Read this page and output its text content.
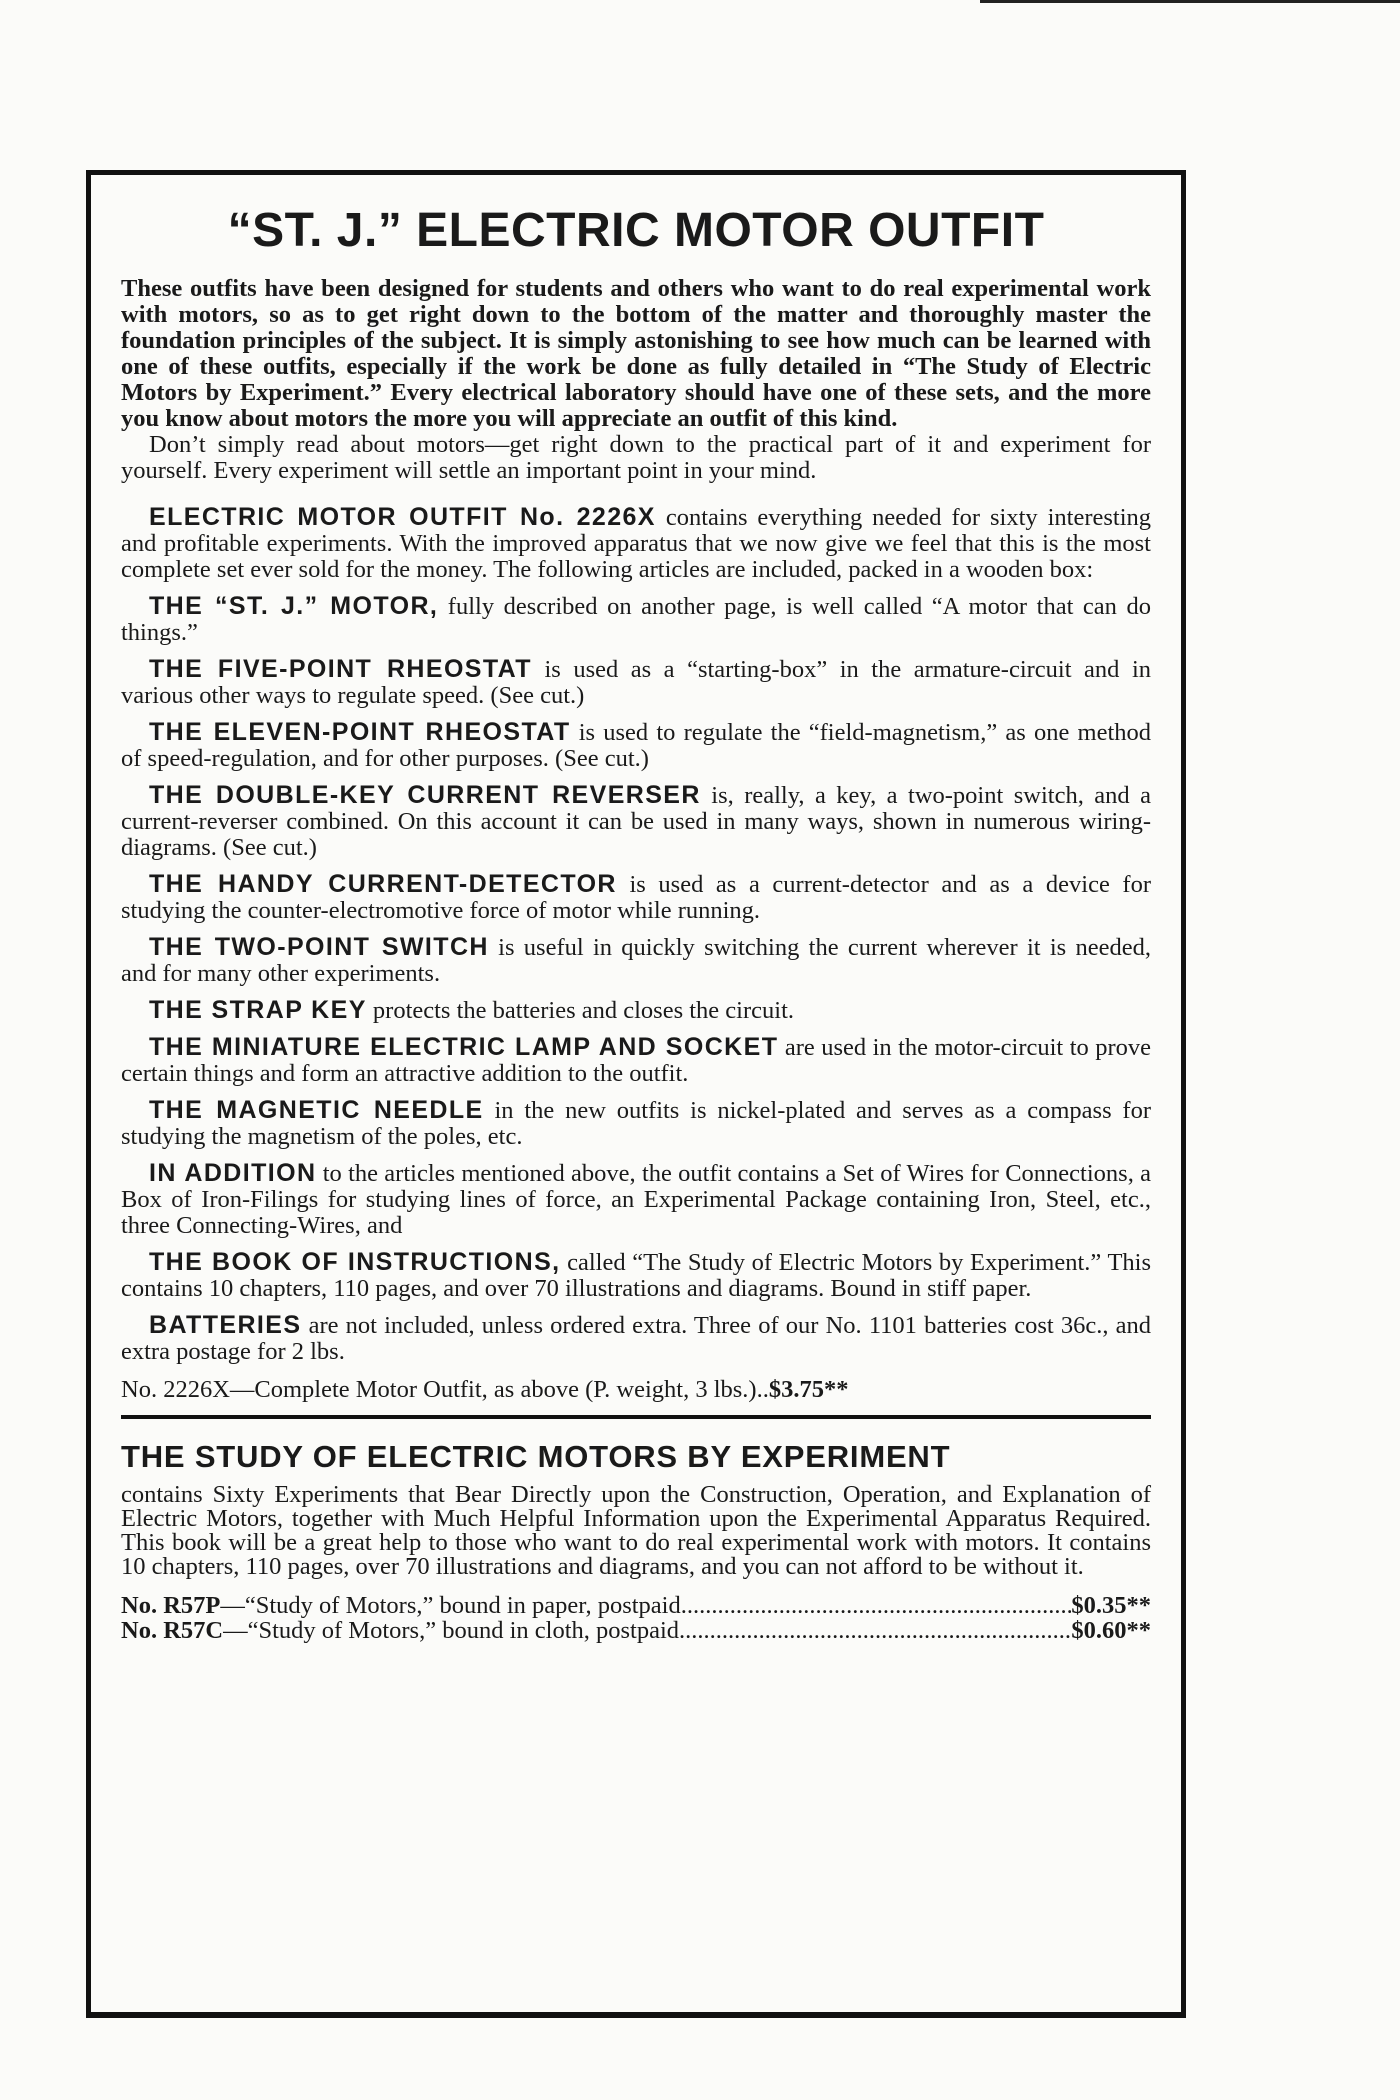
“ST. J.” ELECTRIC MOTOR OUTFIT

These outfits have been designed for students and others who want to do real experimental work with motors, so as to get right down to the bottom of the matter and thoroughly master the foundation principles of the subject. It is simply astonishing to see how much can be learned with one of these outfits, especially if the work be done as fully detailed in “The Study of Electric Motors by Experiment.” Every electrical laboratory should have one of these sets, and the more you know about motors the more you will appreciate an outfit of this kind.

Don’t simply read about motors—get right down to the practical part of it and experiment for yourself. Every experiment will settle an important point in your mind.

ELECTRIC MOTOR OUTFIT No. 2226X contains everything needed for sixty interesting and profitable experiments. With the improved apparatus that we now give we feel that this is the most complete set ever sold for the money. The following articles are included, packed in a wooden box:

THE “ST. J.” MOTOR, fully described on another page, is well called “A motor that can do things.”

THE FIVE-POINT RHEOSTAT is used as a “starting-box” in the armature-circuit and in various other ways to regulate speed. (See cut.)

THE ELEVEN-POINT RHEOSTAT is used to regulate the “field-magnetism,” as one method of speed-regulation, and for other purposes. (See cut.)

THE DOUBLE-KEY CURRENT REVERSER is, really, a key, a two-point switch, and a current-reverser combined. On this account it can be used in many ways, shown in numerous wiring-diagrams. (See cut.)

THE HANDY CURRENT-DETECTOR is used as a current-detector and as a device for studying the counter-electromotive force of motor while running.

THE TWO-POINT SWITCH is useful in quickly switching the current wherever it is needed, and for many other experiments.

THE STRAP KEY protects the batteries and closes the circuit.

THE MINIATURE ELECTRIC LAMP AND SOCKET are used in the motor-circuit to prove certain things and form an attractive addition to the outfit.

THE MAGNETIC NEEDLE in the new outfits is nickel-plated and serves as a compass for studying the magnetism of the poles, etc.

IN ADDITION to the articles mentioned above, the outfit contains a Set of Wires for Connections, a Box of Iron-Filings for studying lines of force, an Experimental Package containing Iron, Steel, etc., three Connecting-Wires, and

THE BOOK OF INSTRUCTIONS, called “The Study of Electric Motors by Experiment.” This contains 10 chapters, 110 pages, and over 70 illustrations and diagrams. Bound in stiff paper.

BATTERIES are not included, unless ordered extra. Three of our No. 1101 batteries cost 36c., and extra postage for 2 lbs.

No. 2226X—Complete Motor Outfit, as above (P. weight, 3 lbs.)..$3.75**

THE STUDY OF ELECTRIC MOTORS BY EXPERIMENT

contains Sixty Experiments that Bear Directly upon the Construction, Operation, and Explanation of Electric Motors, together with Much Helpful Information upon the Experimental Apparatus Required. This book will be a great help to those who want to do real experimental work with motors. It contains 10 chapters, 110 pages, over 70 illustrations and diagrams, and you can not afford to be without it.

No. R57P —“Study of Motors,” bound in paper, postpaid .....	$0.35**
No. R57C —“Study of Motors,” bound in cloth, postpaid .....	$0.60**
